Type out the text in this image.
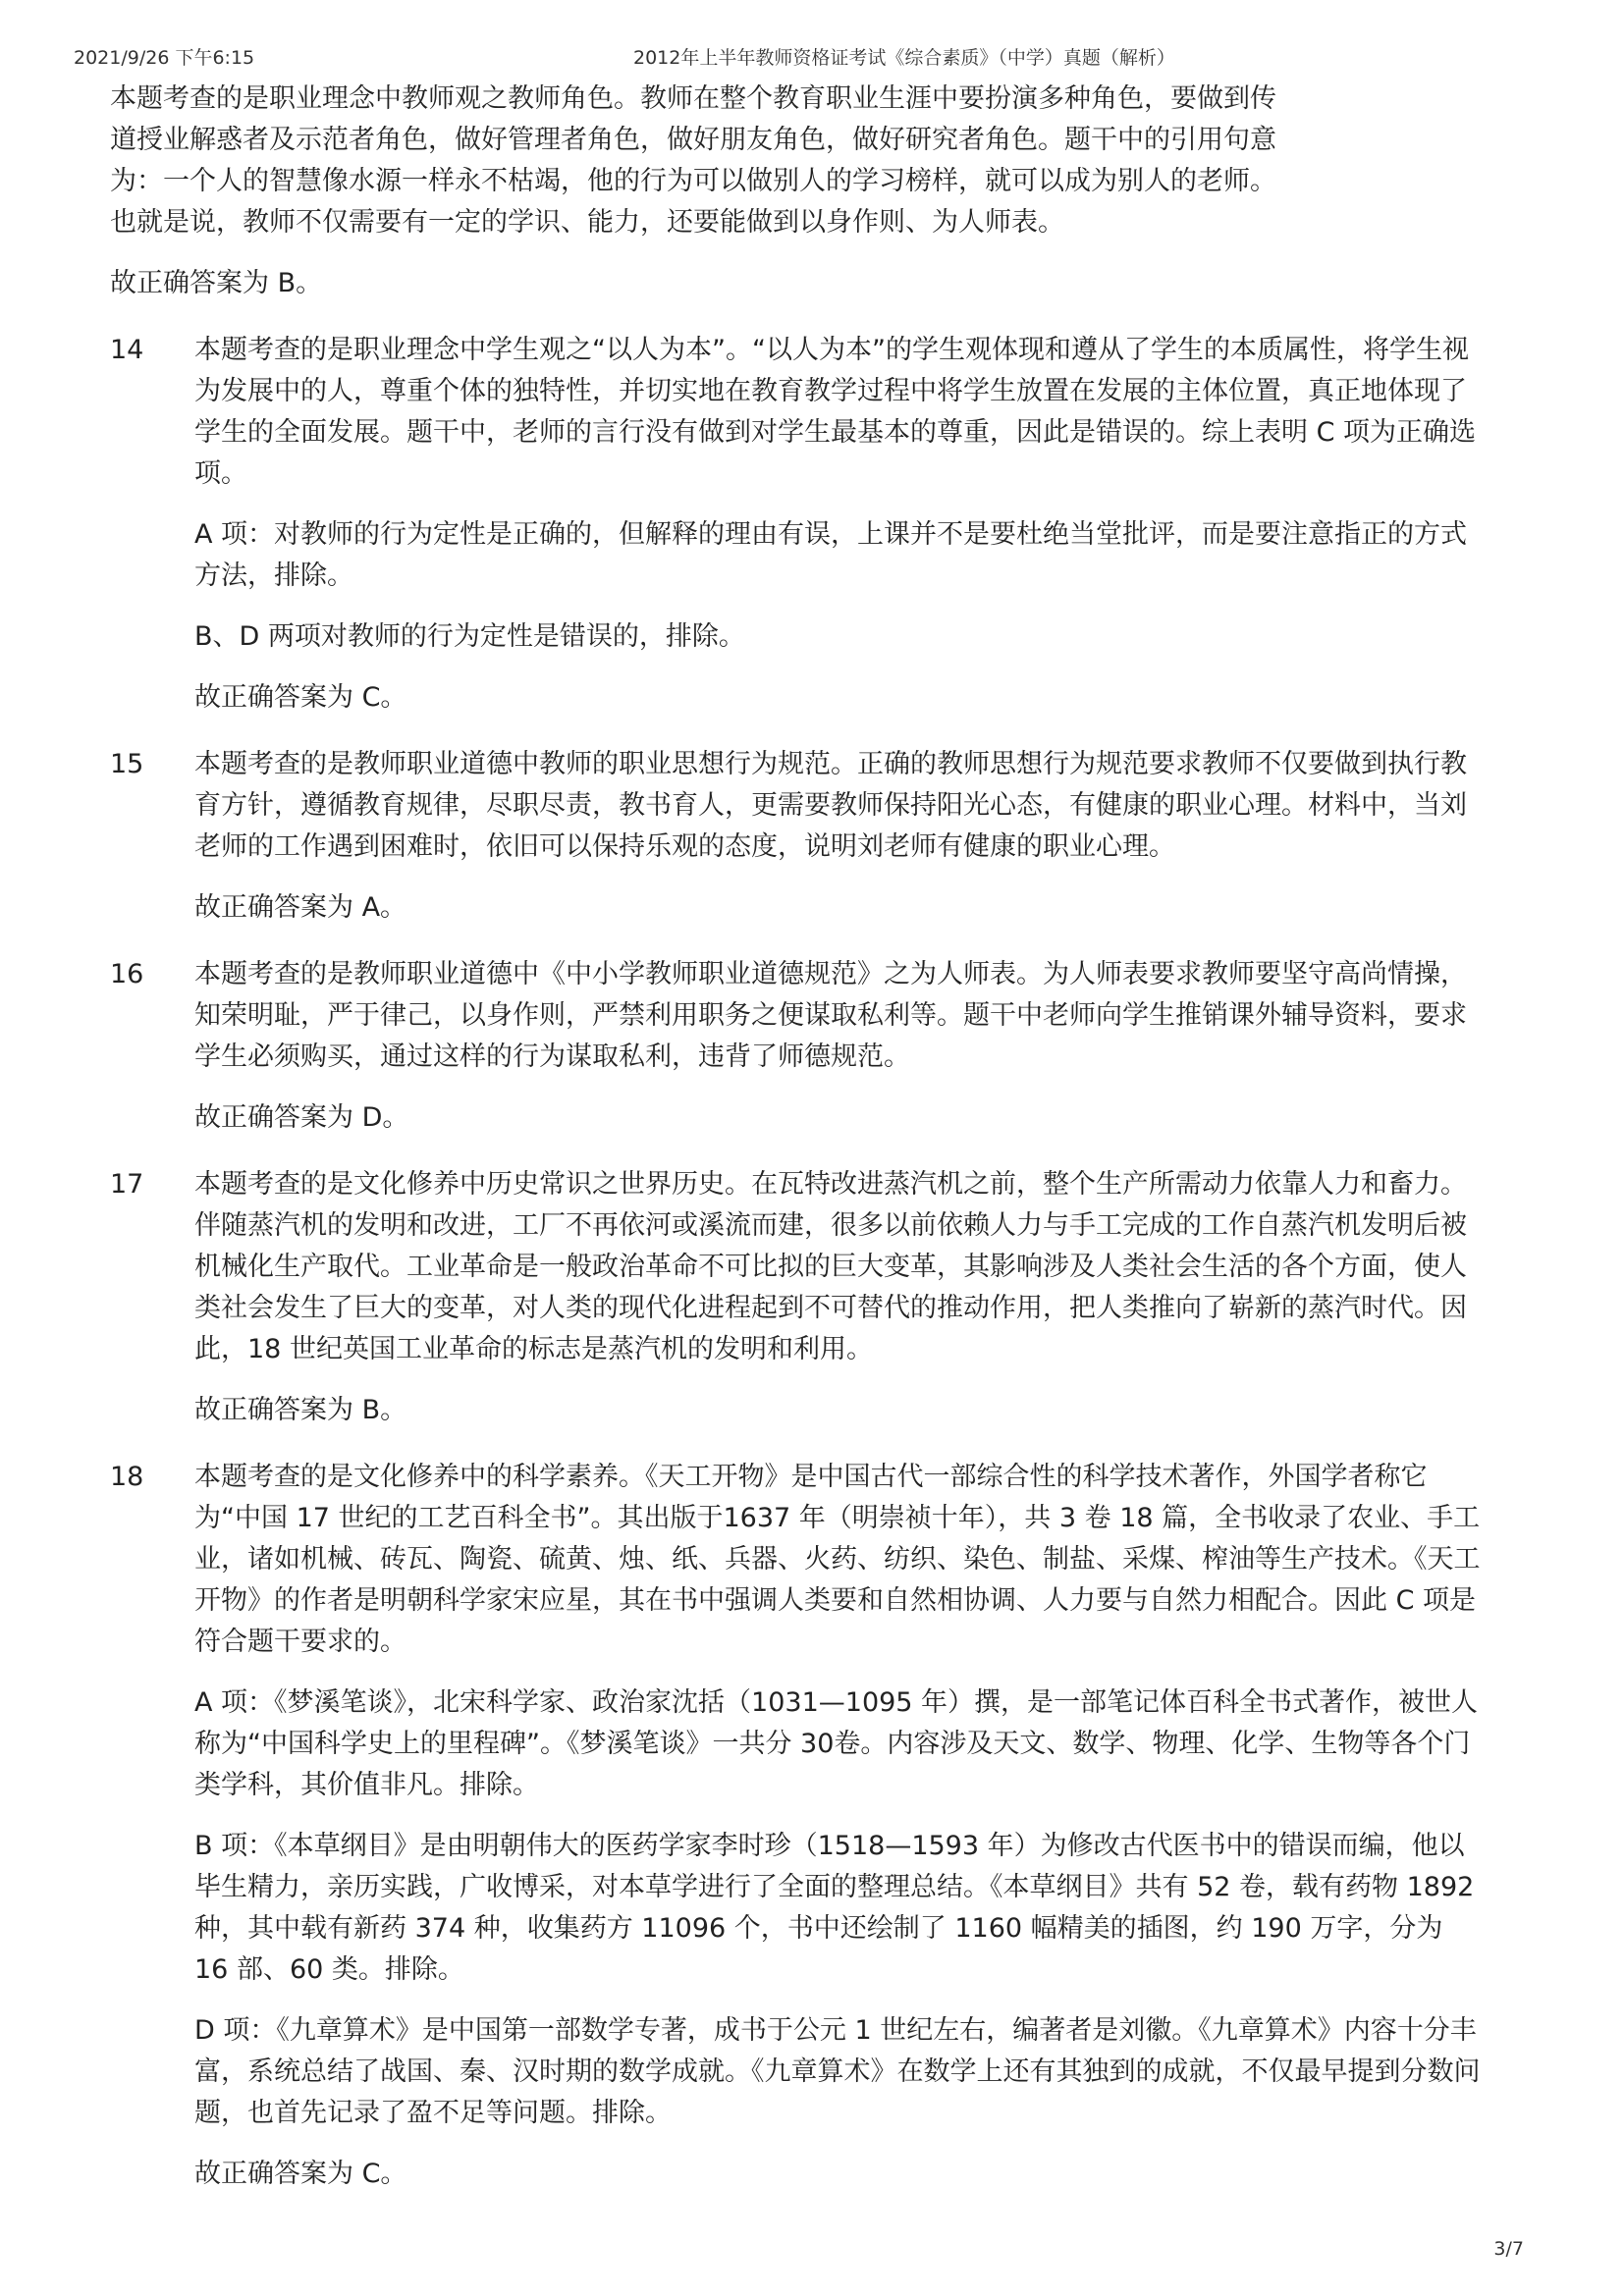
2021/9/26 下午6:15	2012年上半年教师资格证考试《综合素质》（中学）真题（解析）

本题考查的是职业理念中教师观之教师角色。教师在整个教育职业生涯中要扮演多种角色，要做到传

道授业解惑者及示范者角色，做好管理者角色，做好朋友角色，做好研究者角色。题干中的引用句意

为：一个人的智慧像水源一样永不枯竭，他的行为可以做别人的学习榜样，就可以成为别人的老师。

也就是说，教师不仅需要有一定的学识、能力，还要能做到以身作则、为人师表。

故正确答案为 B。

14	本题考查的是职业理念中学生观之“以人为本”。“以人为本”的学生观体现和遵从了学生的本质属性，将学生视为发展中的人，尊重个体的独特性，并切实地在教育教学过程中将学生放置在发展的主体位置，真正地体现了学生的全面发展。题干中，老师的言行没有做到对学生最基本的尊重，因此是错误的。综上表明 C 项为正确选项。

A 项：对教师的行为定性是正确的，但解释的理由有误，上课并不是要杜绝当堂批评，而是要注意指正的方式方法，排除。

B、D 两项对教师的行为定性是错误的，排除。

故正确答案为 C。

15	本题考查的是教师职业道德中教师的职业思想行为规范。正确的教师思想行为规范要求教师不仅要做到执行教育方针，遵循教育规律，尽职尽责，教书育人，更需要教师保持阳光心态，有健康的职业心理。材料中，当刘老师的工作遇到困难时，依旧可以保持乐观的态度，说明刘老师有健康的职业心理。

故正确答案为 A。

16	本题考查的是教师职业道德中《中小学教师职业道德规范》之为人师表。为人师表要求教师要坚守高尚情操，知荣明耻，严于律己，以身作则，严禁利用职务之便谋取私利等。题干中老师向学生推销课外辅导资料，要求学生必须购买，通过这样的行为谋取私利，违背了师德规范。

故正确答案为 D。

17	本题考查的是文化修养中历史常识之世界历史。在瓦特改进蒸汽机之前，整个生产所需动力依靠人力和畜力。伴随蒸汽机的发明和改进，工厂不再依河或溪流而建，很多以前依赖人力与手工完成的工作自蒸汽机发明后被机械化生产取代。工业革命是一般政治革命不可比拟的巨大变革，其影响涉及人类社会生活的各个方面，使人类社会发生了巨大的变革，对人类的现代化进程起到不可替代的推动作用，把人类推向了崭新的蒸汽时代。因此，18 世纪英国工业革命的标志是蒸汽机的发明和利用。

故正确答案为 B。

18	本题考查的是文化修养中的科学素养。《天工开物》是中国古代一部综合性的科学技术著作，外国学者称它为“中国 17 世纪的工艺百科全书”。其出版于1637 年（明崇祯十年），共 3 卷 18 篇，全书收录了农业、手工业，诸如机械、砖瓦、陶瓷、硫黄、烛、纸、兵器、火药、纺织、染色、制盐、采煤、榨油等生产技术。《天工开物》的作者是明朝科学家宋应星，其在书中强调人类要和自然相协调、人力要与自然力相配合。因此 C 项是符合题干要求的。

A 项：《梦溪笔谈》，北宋科学家、政治家沈括（1031—1095 年）撰，是一部笔记体百科全书式著作，被世人称为“中国科学史上的里程碑”。《梦溪笔谈》一共分 30卷。内容涉及天文、数学、物理、化学、生物等各个门类学科，其价值非凡。排除。

B 项：《本草纲目》是由明朝伟大的医药学家李时珍（1518—1593 年）为修改古代医书中的错误而编，他以毕生精力，亲历实践，广收博采，对本草学进行了全面的整理总结。《本草纲目》共有 52 卷，载有药物 1892 种，其中载有新药 374 种，收集药方 11096 个，书中还绘制了 1160 幅精美的插图，约 190 万字，分为 16 部、60 类。排除。

D 项：《九章算术》是中国第一部数学专著，成书于公元 1 世纪左右，编著者是刘徽。《九章算术》内容十分丰富，系统总结了战国、秦、汉时期的数学成就。《九章算术》在数学上还有其独到的成就，不仅最早提到分数问题，也首先记录了盈不足等问题。排除。

故正确答案为 C。

3/7
